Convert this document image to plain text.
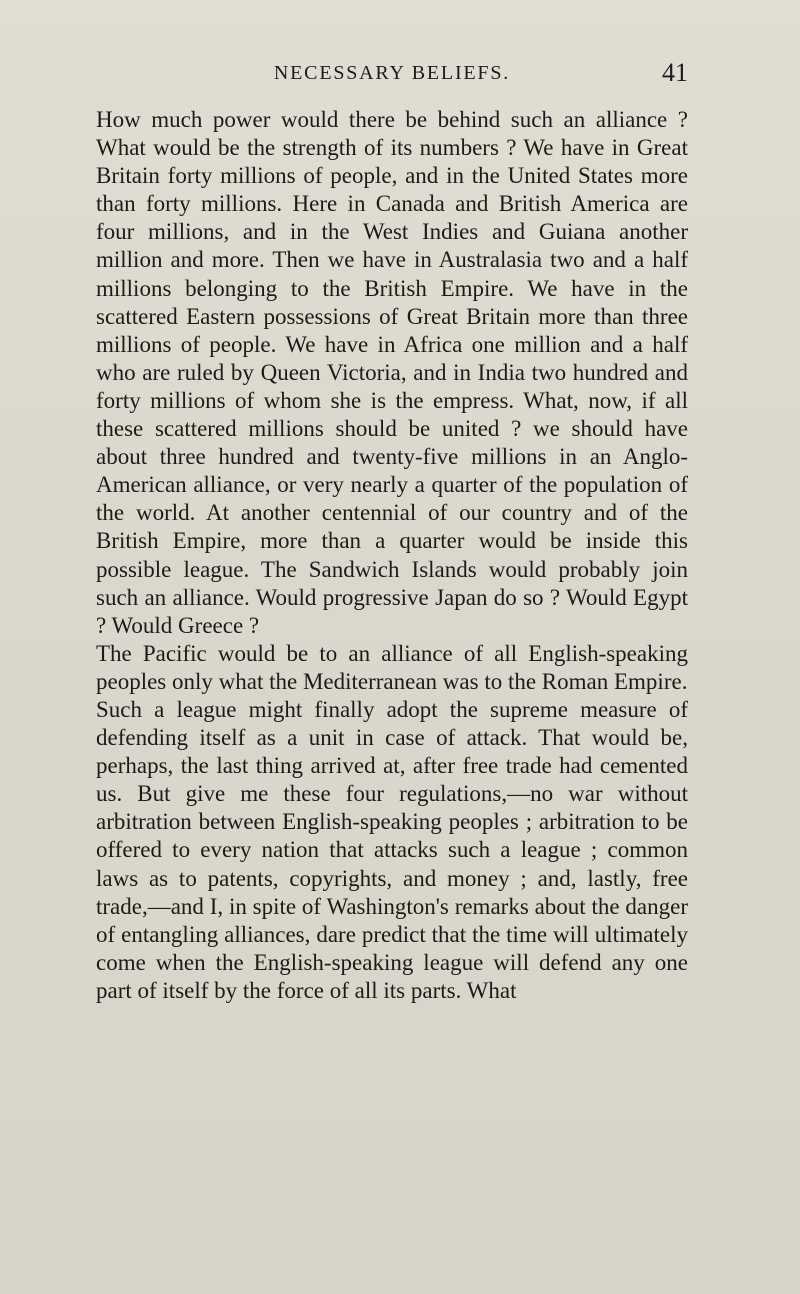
NECESSARY BELIEFS.	41

How much power would there be behind such an alliance ? What would be the strength of its numbers ? We have in Great Britain forty millions of people, and in the United States more than forty millions. Here in Canada and British America are four millions, and in the West Indies and Guiana another million and more. Then we have in Australasia two and a half millions belonging to the British Empire. We have in the scattered Eastern possessions of Great Britain more than three millions of people. We have in Africa one million and a half who are ruled by Queen Victoria, and in India two hundred and forty millions of whom she is the empress. What, now, if all these scattered millions should be united ? we should have about three hundred and twenty-five millions in an Anglo-American alliance, or very nearly a quarter of the population of the world. At another centennial of our country and of the British Empire, more than a quarter would be inside this possible league. The Sandwich Islands would probably join such an alliance. Would progressive Japan do so ? Would Egypt ? Would Greece ?

The Pacific would be to an alliance of all English-speaking peoples only what the Mediterranean was to the Roman Empire.

Such a league might finally adopt the supreme measure of defending itself as a unit in case of attack. That would be, perhaps, the last thing arrived at, after free trade had cemented us. But give me these four regulations,—no war without arbitration between English-speaking peoples ; arbitration to be offered to every nation that attacks such a league ; common laws as to patents, copyrights, and money ; and, lastly, free trade,—and I, in spite of Washington's remarks about the danger of entangling alliances, dare predict that the time will ultimately come when the English-speaking league will defend any one part of itself by the force of all its parts. What
